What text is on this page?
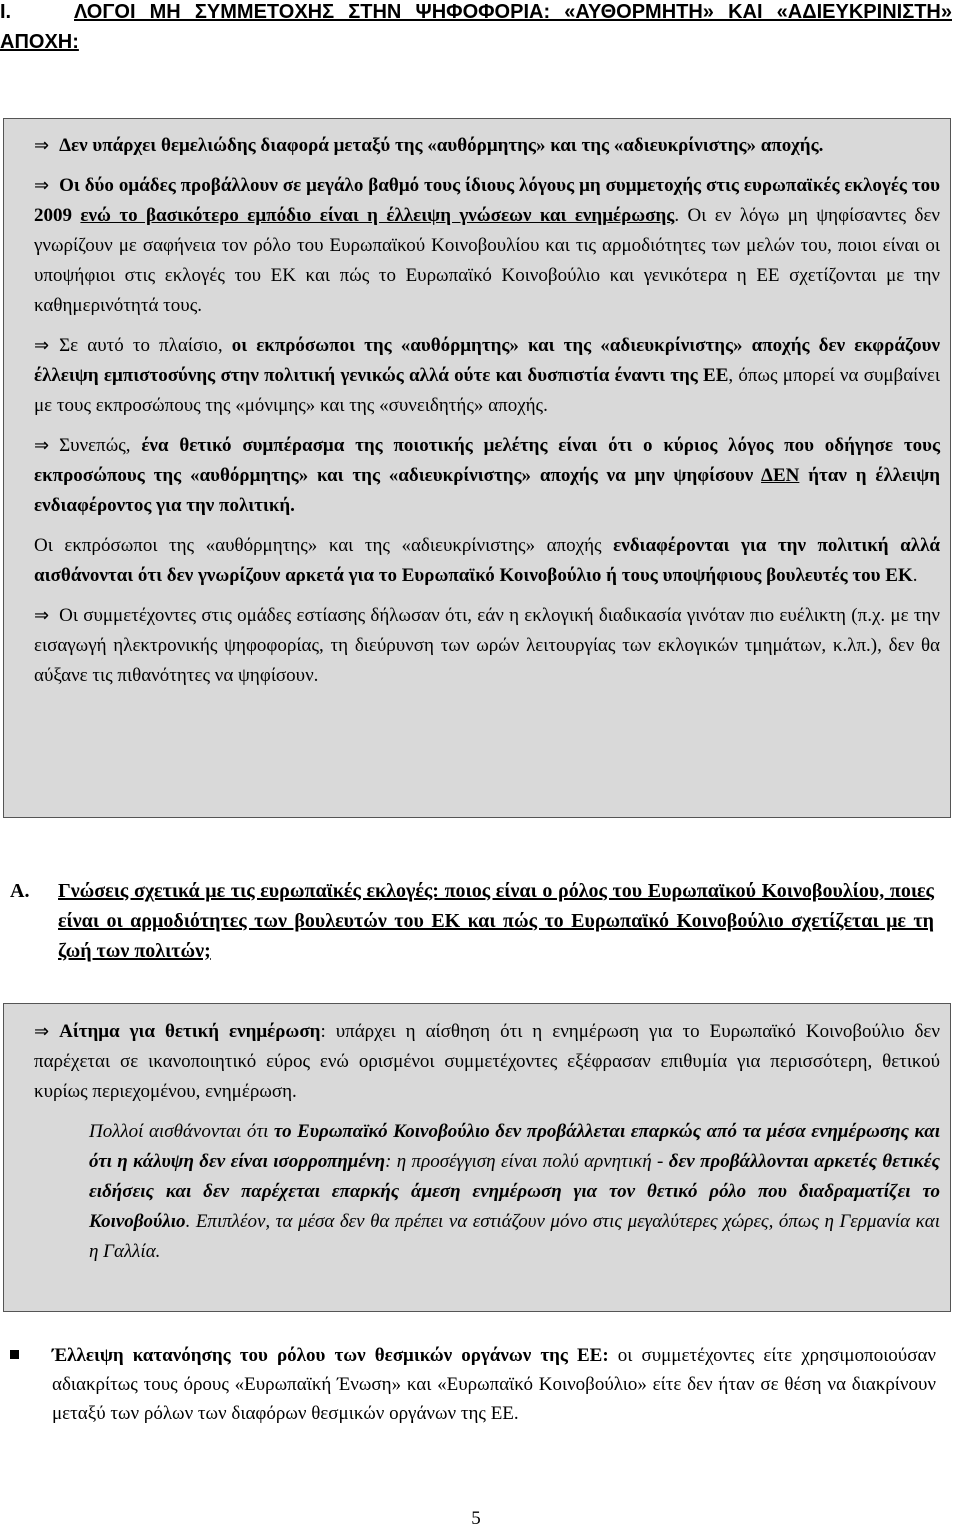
Ι.	ΛΟΓΟΙ ΜΗ ΣΥΜΜΕΤΟΧΗΣ ΣΤΗΝ ΨΗΦΟΦΟΡΙΑ: «ΑΥΘΟΡΜΗΤΗ» ΚΑΙ «ΑΔΙΕΥΚΡΙΝΙΣΤΗ» ΑΠΟΧΗ:

⇒ Δεν υπάρχει θεμελιώδης διαφορά μεταξύ της «αυθόρμητης» και της «αδιευκρίνιστης» αποχής.

⇒ Οι δύο ομάδες προβάλλουν σε μεγάλο βαθμό τους ίδιους λόγους μη συμμετοχής στις ευρωπαϊκές εκλογές του 2009 ενώ το βασικότερο εμπόδιο είναι η έλλειψη γνώσεων και ενημέρωσης. Οι εν λόγω μη ψηφίσαντες δεν γνωρίζουν με σαφήνεια τον ρόλο του Ευρωπαϊκού Κοινοβουλίου και τις αρμοδιότητες των μελών του, ποιοι είναι οι υποψήφιοι στις εκλογές του ΕΚ και πώς το Ευρωπαϊκό Κοινοβούλιο και γενικότερα η ΕΕ σχετίζονται με την καθημερινότητά τους.

⇒ Σε αυτό το πλαίσιο, οι εκπρόσωποι της «αυθόρμητης» και της «αδιευκρίνιστης» αποχής δεν εκφράζουν έλλειψη εμπιστοσύνης στην πολιτική γενικώς αλλά ούτε και δυσπιστία έναντι της ΕΕ, όπως μπορεί να συμβαίνει με τους εκπροσώπους της «μόνιμης» και της «συνειδητής» αποχής.

⇒ Συνεπώς, ένα θετικό συμπέρασμα της ποιοτικής μελέτης είναι ότι ο κύριος λόγος που οδήγησε τους εκπροσώπους της «αυθόρμητης» και της «αδιευκρίνιστης» αποχής να μην ψηφίσουν ΔΕΝ ήταν η έλλειψη ενδιαφέροντος για την πολιτική.

Οι εκπρόσωποι της «αυθόρμητης» και της «αδιευκρίνιστης» αποχής ενδιαφέρονται για την πολιτική αλλά αισθάνονται ότι δεν γνωρίζουν αρκετά για το Ευρωπαϊκό Κοινοβούλιο ή τους υποψήφιους βουλευτές του ΕΚ.

⇒ Οι συμμετέχοντες στις ομάδες εστίασης δήλωσαν ότι, εάν η εκλογική διαδικασία γινόταν πιο ευέλικτη (π.χ. με την εισαγωγή ηλεκτρονικής ψηφοφορίας, τη διεύρυνση των ωρών λειτουργίας των εκλογικών τμημάτων, κ.λπ.), δεν θα αύξανε τις πιθανότητες να ψηφίσουν.

Α. Γνώσεις σχετικά με τις ευρωπαϊκές εκλογές: ποιος είναι ο ρόλος του Ευρωπαϊκού Κοινοβουλίου, ποιες είναι οι αρμοδιότητες των βουλευτών του ΕΚ και πώς το Ευρωπαϊκό Κοινοβούλιο σχετίζεται με τη ζωή των πολιτών;

⇒ Αίτημα για θετική ενημέρωση: υπάρχει η αίσθηση ότι η ενημέρωση για το Ευρωπαϊκό Κοινοβούλιο δεν παρέχεται σε ικανοποιητικό εύρος ενώ ορισμένοι συμμετέχοντες εξέφρασαν επιθυμία για περισσότερη, θετικού κυρίως περιεχομένου, ενημέρωση.

Πολλοί αισθάνονται ότι το Ευρωπαϊκό Κοινοβούλιο δεν προβάλλεται επαρκώς από τα μέσα ενημέρωσης και ότι η κάλυψη δεν είναι ισορροπημένη: η προσέγγιση είναι πολύ αρνητική - δεν προβάλλονται αρκετές θετικές ειδήσεις και δεν παρέχεται επαρκής άμεση ενημέρωση για τον θετικό ρόλο που διαδραματίζει το Κοινοβούλιο. Επιπλέον, τα μέσα δεν θα πρέπει να εστιάζουν μόνο στις μεγαλύτερες χώρες, όπως η Γερμανία και η Γαλλία.

Έλλειψη κατανόησης του ρόλου των θεσμικών οργάνων της ΕΕ: οι συμμετέχοντες είτε χρησιμοποιούσαν αδιακρίτως τους όρους «Ευρωπαϊκή Ένωση» και «Ευρωπαϊκό Κοινοβούλιο» είτε δεν ήταν σε θέση να διακρίνουν μεταξύ των ρόλων των διαφόρων θεσμικών οργάνων της ΕΕ.
5
